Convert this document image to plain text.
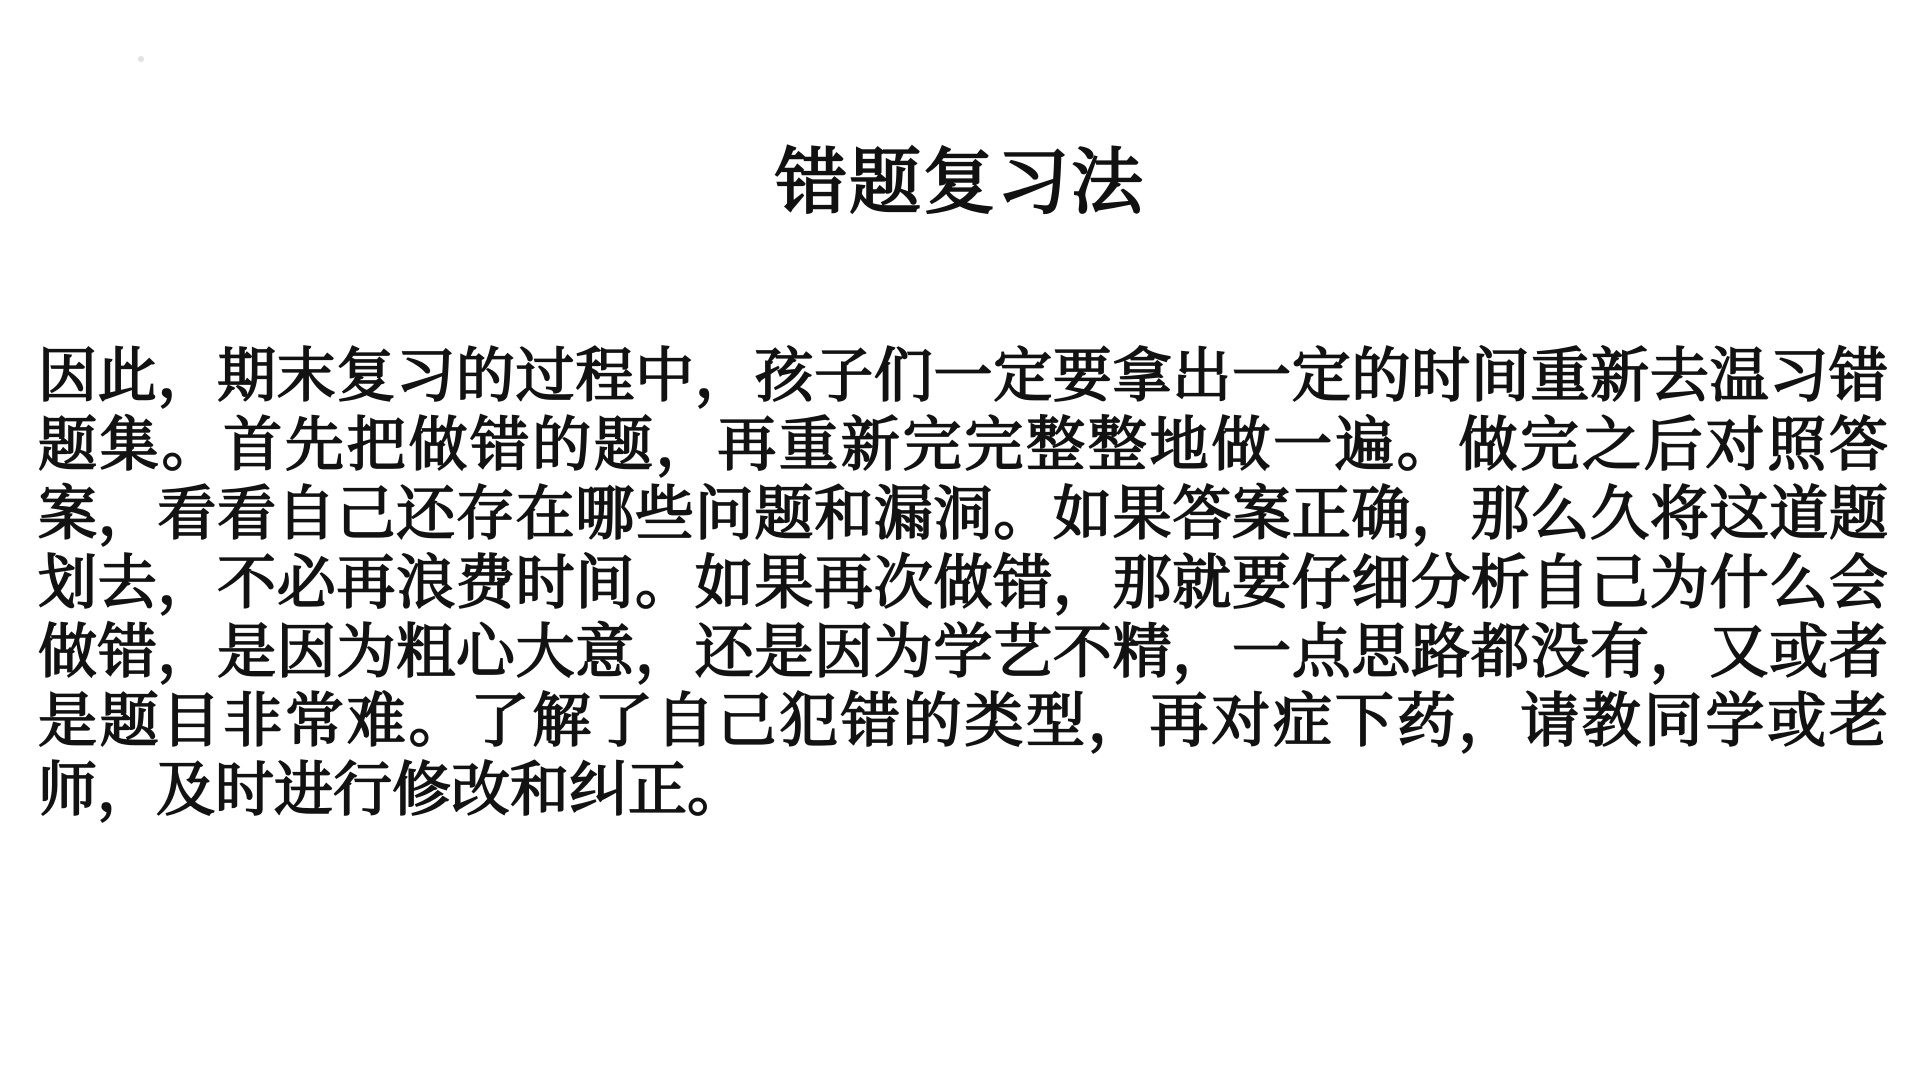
错题复习法

因此，期末复习的过程中，孩子们一定要拿出一定的时间重新去温习错题集。首先把做错的题，再重新完完整整地做一遍。做完之后对照答案，看看自己还存在哪些问题和漏洞。如果答案正确，那么久将这道题划去，不必再浪费时间。如果再次做错，那就要仔细分析自己为什么会做错，是因为粗心大意，还是因为学艺不精，一点思路都没有，又或者是题目非常难。了解了自己犯错的类型，再对症下药，请教同学或老师，及时进行修改和纠正。
